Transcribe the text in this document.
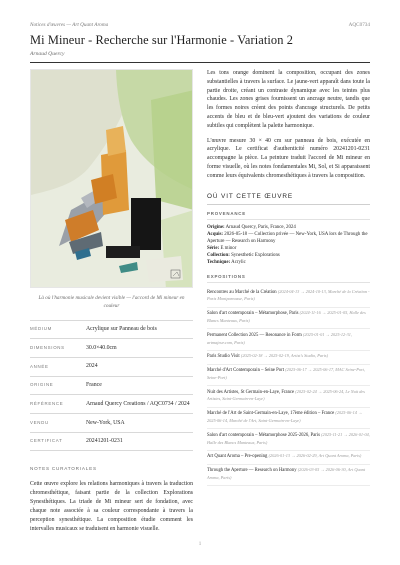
Notices d'œuvres — Art Quant Aroma	AQC0734
Mi Mineur - Recherche sur l'Harmonie - Variation 2
Arnaud Quercy
Là où l'harmonie musicale devient visible — l'accord de Mi mineur en couleur
MÉDIUM	Acrylique sur Panneau de bois
DIMENSIONS	30.0×40.0cm
ANNÉE	2024
ORIGINE	France
RÉFÉRENCE	Arnaud Quercy Creations / AQC0734 / 2024
VENDU	New-York, USA
CERTIFICAT	20241201-0231
NOTES CURATORIALES
Cette œuvre explore les relations harmoniques à travers la traduction chromesthétique, faisant partie de la collection Explorations Synesthétiques. La triade de Mi mineur sert de fondation, avec chaque note associée à sa couleur correspondante à travers la perception synesthétique. La composition étudie comment les intervalles musicaux se traduisent en harmonie visuelle.

Les tons orange dominent la composition, occupant des zones substantielles à travers la surface. Le jaune-vert apparaît dans toute la partie droite, créant un contraste dynamique avec les teintes plus chaudes. Les zones grises fournissent un ancrage neutre, tandis que les formes noires créent des points d'ancrage structurels. De petits accents de bleu et de bleu-vert ajoutent des variations de couleur subtiles qui complètent la palette harmonique.

L'œuvre mesure 30 × 40 cm sur panneau de bois, exécutée en acrylique. Le certificat d'authenticité numéro 20241201-0231 accompagne la pièce. La peinture traduit l'accord de Mi mineur en forme visuelle, où les notes fondamentales Mi, Sol, et Si apparaissent comme leurs équivalents chromesthétiques à travers la composition.

OÙ VIT CETTE ŒUVRE
PROVENANCE
Origine: Arnaud Quercy, Paris, France, 2024
Acquis: 2026-05-18 — Collection privée — New-York, USA lors de Through the Aperture — Research on Harmony
Série: E minor
Collection: Synesthetic Explorations
Technique: Acrylic
EXPOSITIONS
Rencontres au Marché de la Création (2024-04-13 → 2024-10-13, Marché de la Création - Paris Montparnasse, Paris)
Salon d'art contemporain – Métamorphose, Paris (2024-11-16 → 2025-01-05, Halle des Blancs Manteaux, Paris)
Permanent Collection 2025 — Resonance in Form (2025-01-01 → 2025-12-31, artmajeur.com, Paris)
Paris Studio Visit (2025-02-18 → 2025-02-19, Artist's Studio, Paris)
Marché d'Art Contemporain – Seine Port (2025-06-17 → 2025-06-17, MAC Seine-Port, Seine-Port)
Nuit des Artistes, St Germain-en-Laye, France (2025-02-24 → 2025-06-24, Le Nuit des Artistes, Saint-Germain-en-Laye)
Marché de l'Art de Saint-Germain-en-Laye, 17ème édition – France (2025-06-14 → 2025-06-14, Marché de l'Art, Saint-Germain-en-Laye)
Salon d'art contemporain – Métamorphose 2025-2026, Paris (2025-11-21 → 2026-01-04, Halle des Blancs Manteaux, Paris)
Art Quant Aroma – Pre-opening (2026-01-13 → 2026-02-29, Art Quant Aroma, Paris)
Through the Aperture — Research on Harmony (2026-03-05 → 2026-06-30, Art Quant Aroma, Paris)
1
